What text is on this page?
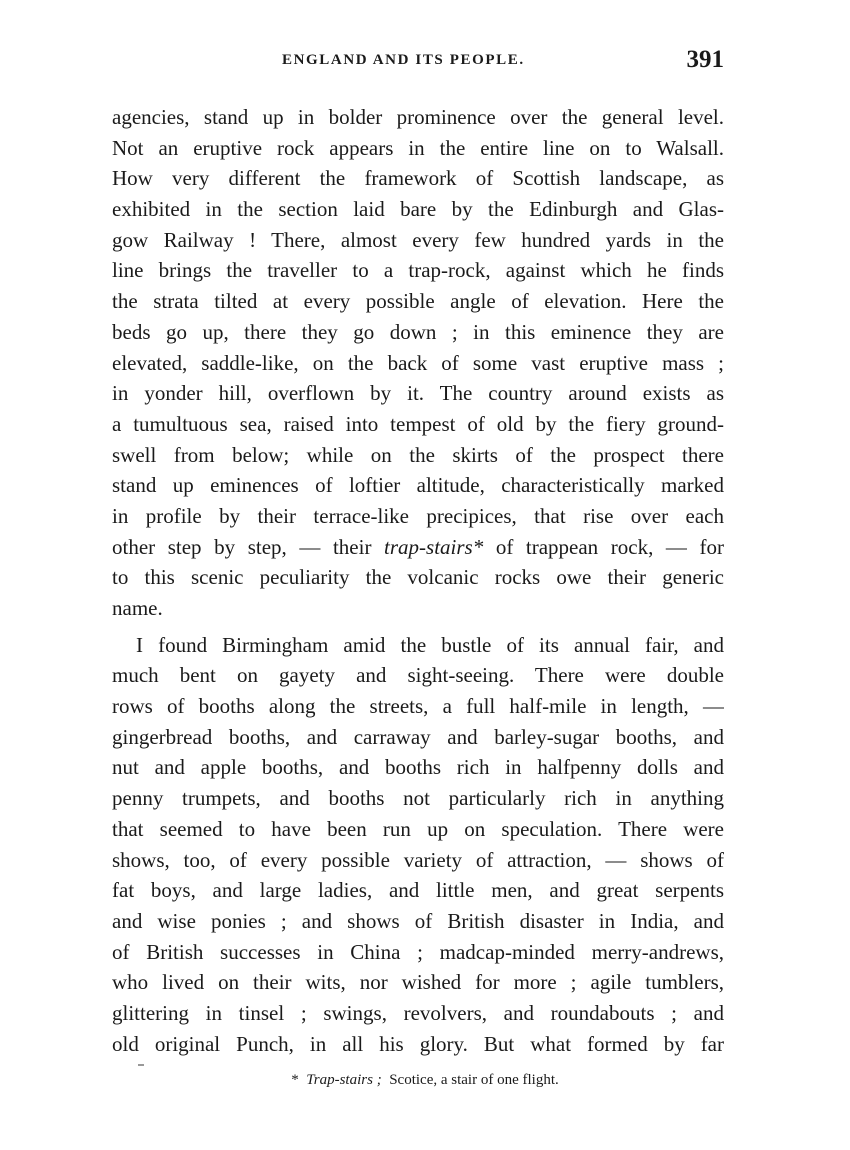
ENGLAND AND ITS PEOPLE.	391
agencies, stand up in bolder prominence over the general level.
Not an eruptive rock appears in the entire line on to Walsall.
How very different the framework of Scottish landscape, as
exhibited in the section laid bare by the Edinburgh and Glas-
gow Railway ! There, almost every few hundred yards in the
line brings the traveller to a trap-rock, against which he finds
the strata tilted at every possible angle of elevation. Here the
beds go up, there they go down ; in this eminence they are
elevated, saddle-like, on the back of some vast eruptive mass ;
in yonder hill, overflown by it. The country around exists as
a tumultuous sea, raised into tempest of old by the fiery ground-
swell from below; while on the skirts of the prospect there
stand up eminences of loftier altitude, characteristically marked
in profile by their terrace-like precipices, that rise over each
other step by step, — their trap-stairs* of trappean rock, — for
to this scenic peculiarity the volcanic rocks owe their generic
name.
I found Birmingham amid the bustle of its annual fair, and
much bent on gayety and sight-seeing. There were double
rows of booths along the streets, a full half-mile in length, —
gingerbread booths, and carraway and barley-sugar booths, and
nut and apple booths, and booths rich in halfpenny dolls and
penny trumpets, and booths not particularly rich in anything
that seemed to have been run up on speculation. There were
shows, too, of every possible variety of attraction, — shows of
fat boys, and large ladies, and little men, and great serpents
and wise ponies ; and shows of British disaster in India, and
of British successes in China ; madcap-minded merry-andrews,
who lived on their wits, nor wished for more ; agile tumblers,
glittering in tinsel ; swings, revolvers, and roundabouts ; and
old original Punch, in all his glory. But what formed by far
* Trap-stairs ; Scotice, a stair of one flight.
